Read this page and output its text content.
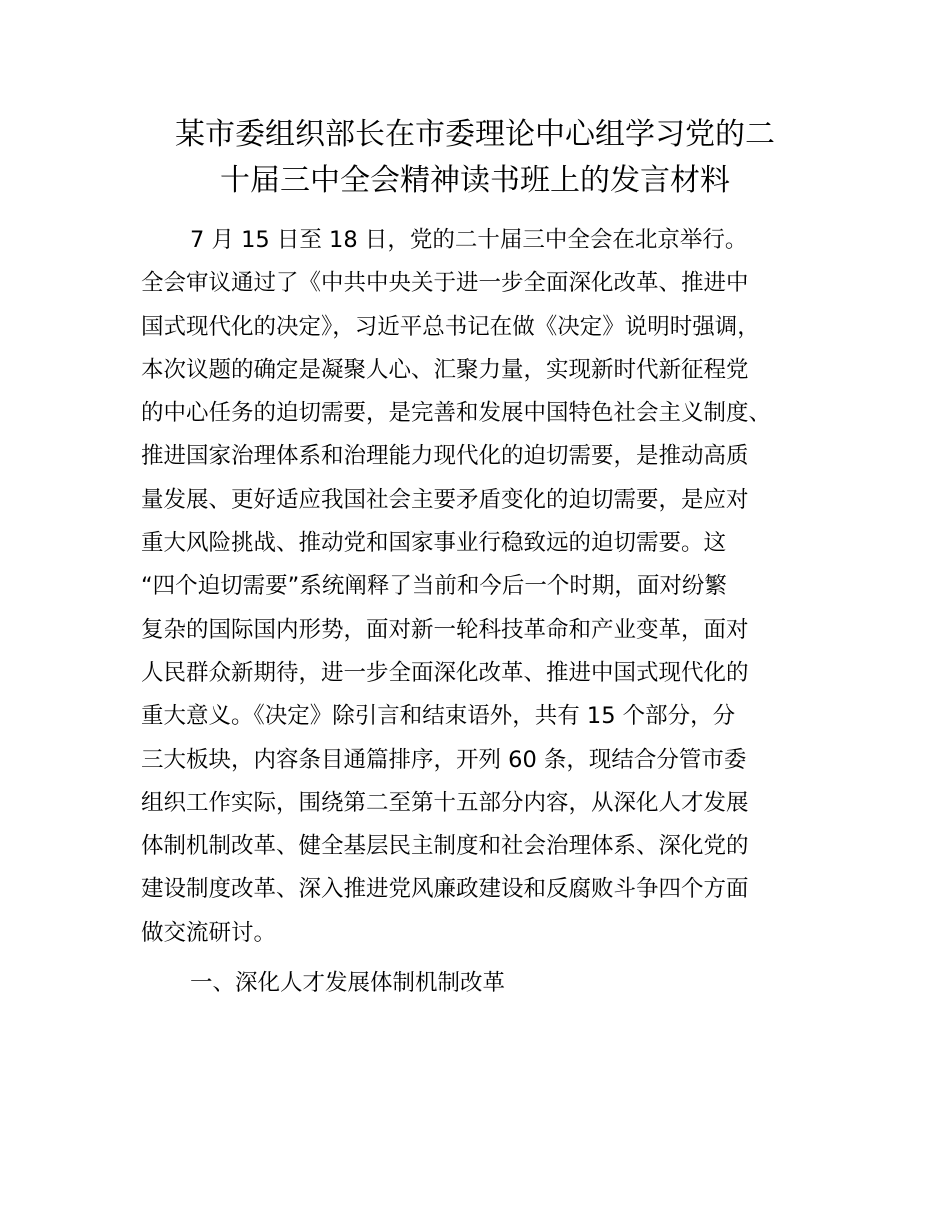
某市委组织部长在市委理论中心组学习党的二
十届三中全会精神读书班上的发言材料
7 月 15 日至 18 日，党的二十届三中全会在北京举行。
全会审议通过了《中共中央关于进一步全面深化改革、推进中
国式现代化的决定》，习近平总书记在做《决定》说明时强调，
本次议题的确定是凝聚人心、汇聚力量，实现新时代新征程党
的中心任务的迫切需要，是完善和发展中国特色社会主义制度、
推进国家治理体系和治理能力现代化的迫切需要，是推动高质
量发展、更好适应我国社会主要矛盾变化的迫切需要，是应对
重大风险挑战、推动党和国家事业行稳致远的迫切需要。这
“四个迫切需要”系统阐释了当前和今后一个时期，面对纷繁
复杂的国际国内形势，面对新一轮科技革命和产业变革，面对
人民群众新期待，进一步全面深化改革、推进中国式现代化的
重大意义。《决定》除引言和结束语外，共有 15 个部分，分
三大板块，内容条目通篇排序，开列 60 条，现结合分管市委
组织工作实际，围绕第二至第十五部分内容，从深化人才发展
体制机制改革、健全基层民主制度和社会治理体系、深化党的
建设制度改革、深入推进党风廉政建设和反腐败斗争四个方面
做交流研讨。
一、深化人才发展体制机制改革
